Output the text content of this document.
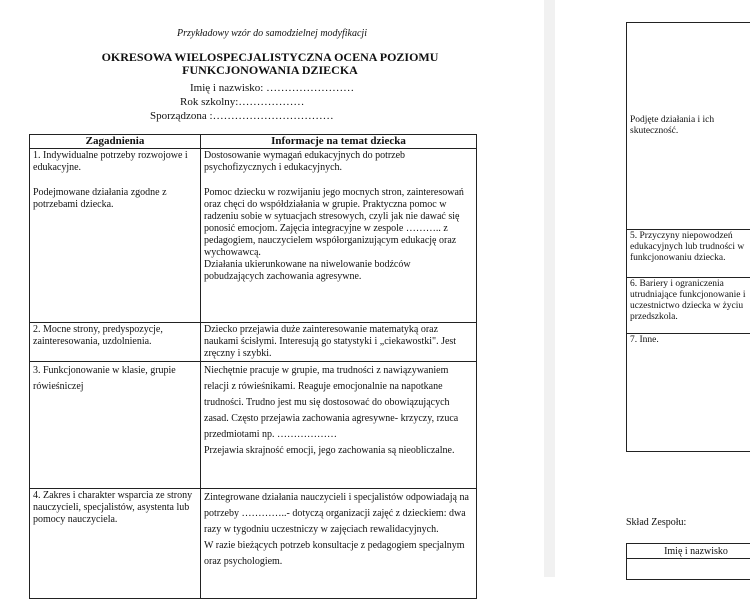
Przykładowy wzór do samodzielnej modyfikacji
OKRESOWA WIELOSPECJALISTYCZNA OCENA POZIOMU
FUNKCJONOWANIA DZIECKA
Imię i nazwisko: ……………………
Rok szkolny:………………
Sporządzona :……………………………
Zagadnienia	Informacje na temat dziecka

1. Indywidualne potrzeby rozwojowe i edukacyjne.
Podejmowane działania zgodne z potrzebami dziecka.	Dostosowanie wymagań edukacyjnych do potrzeb psychofizycznych i edukacyjnych.
Pomoc dziecku w rozwijaniu jego mocnych stron, zainteresowań oraz chęci do współdziałania w grupie. Praktyczna pomoc w radzeniu sobie w sytuacjach stresowych, czyli jak nie dawać się ponosić emocjom. Zajęcia integracyjne w zespole ……….. z pedagogiem, nauczycielem współorganizującym edukację oraz wychowawcą.
Działania ukierunkowane na niwelowanie bodźców pobudzających zachowania agresywne.

2. Mocne strony, predyspozycje, zainteresowania, uzdolnienia.	Dziecko przejawia duże zainteresowanie matematyką oraz naukami ścisłymi. Interesują go statystyki i „ciekawostki". Jest zręczny i szybki.

3. Funkcjonowanie w klasie, grupie rówieśniczej	Niechętnie pracuje w grupie, ma trudności z nawiązywaniem relacji z rówieśnikami. Reaguje emocjonalnie na napotkane trudności. Trudno jest mu się dostosować do obowiązujących zasad. Często przejawia zachowania agresywne- krzyczy, rzuca przedmiotami np. ………………
Przejawia skrajność emocji, jego zachowania są nieobliczalne.

4. Zakres i charakter wsparcia ze strony nauczycieli, specjalistów, asystenta lub pomocy nauczyciela.	Zintegrowane działania nauczycieli i specjalistów odpowiadają na potrzeby …………..- dotyczą organizacji zajęć z dzieckiem: dwa razy w tygodniu uczestniczy w zajęciach rewalidacyjnych.
W razie bieżących potrzeb konsultacje z pedagogiem specjalnym oraz psychologiem.
Podjęte działania i ich skuteczność.
5. Przyczyny niepowodzeń edukacyjnych lub trudności w funkcjonowaniu dziecka.
6. Bariery i ograniczenia utrudniające funkcjonowanie i uczestnictwo dziecka w życiu przedszkola.
7. Inne.
Skład Zespołu:
Imię i nazwisko
